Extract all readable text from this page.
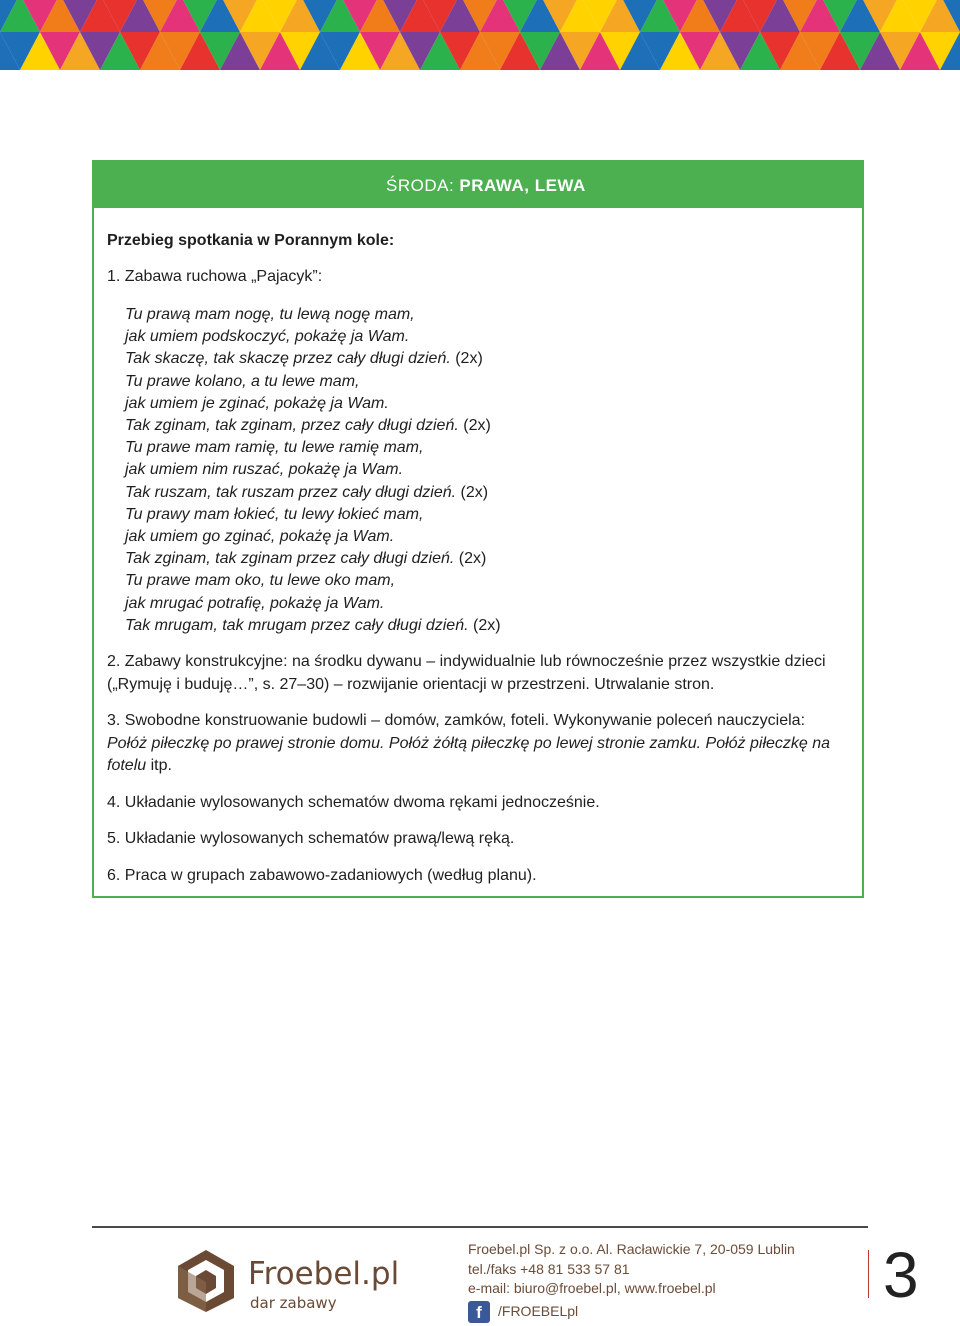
ŚRODA: PRAWA, LEWA
Przebieg spotkania w Porannym kole:
1. Zabawa ruchowa „Pajacyk”:
Tu prawą mam nogę, tu lewą nogę mam,
jak umiem podskoczyć, pokażę ja Wam.
Tak skaczę, tak skaczę przez cały długi dzień. (2x)
Tu prawe kolano, a tu lewe mam,
jak umiem je zginać, pokażę ja Wam.
Tak zginam, tak zginam, przez cały długi dzień. (2x)
Tu prawe mam ramię, tu lewe ramię mam,
jak umiem nim ruszać, pokażę ja Wam.
Tak ruszam, tak ruszam przez cały długi dzień. (2x)
Tu prawy mam łokieć, tu lewy łokieć mam,
jak umiem go zginać, pokażę ja Wam.
Tak zginam, tak zginam przez cały długi dzień. (2x)
Tu prawe mam oko, tu lewe oko mam,
jak mrugać potrafię, pokażę ja Wam.
Tak mrugam, tak mrugam przez cały długi dzień. (2x)
2. Zabawy konstrukcyjne: na środku dywanu – indywidualnie lub równocześnie przez wszystkie dzieci („Rymuję i buduję…”, s. 27–30) – rozwijanie orientacji w przestrzeni. Utrwalanie stron.
3. Swobodne konstruowanie budowli – domów, zamków, foteli. Wykonywanie poleceń nauczyciela: Połóż piłeczkę po prawej stronie domu. Połóż żółtą piłeczkę po lewej stronie zamku. Połóż piłeczkę na fotelu itp.
4. Układanie wylosowanych schematów dwoma rękami jednocześnie.
5. Układanie wylosowanych schematów prawą/lewą ręką.
6. Praca w grupach zabawowo-zadaniowych (według planu).
Froebel.pl
dar zabawy
Froebel.pl Sp. z o.o. Al. Racławickie 7, 20-059 Lublin
tel./faks +48 81 533 57 81
e-mail: biuro@froebel.pl, www.froebel.pl
f	/FROEBELpl	3
